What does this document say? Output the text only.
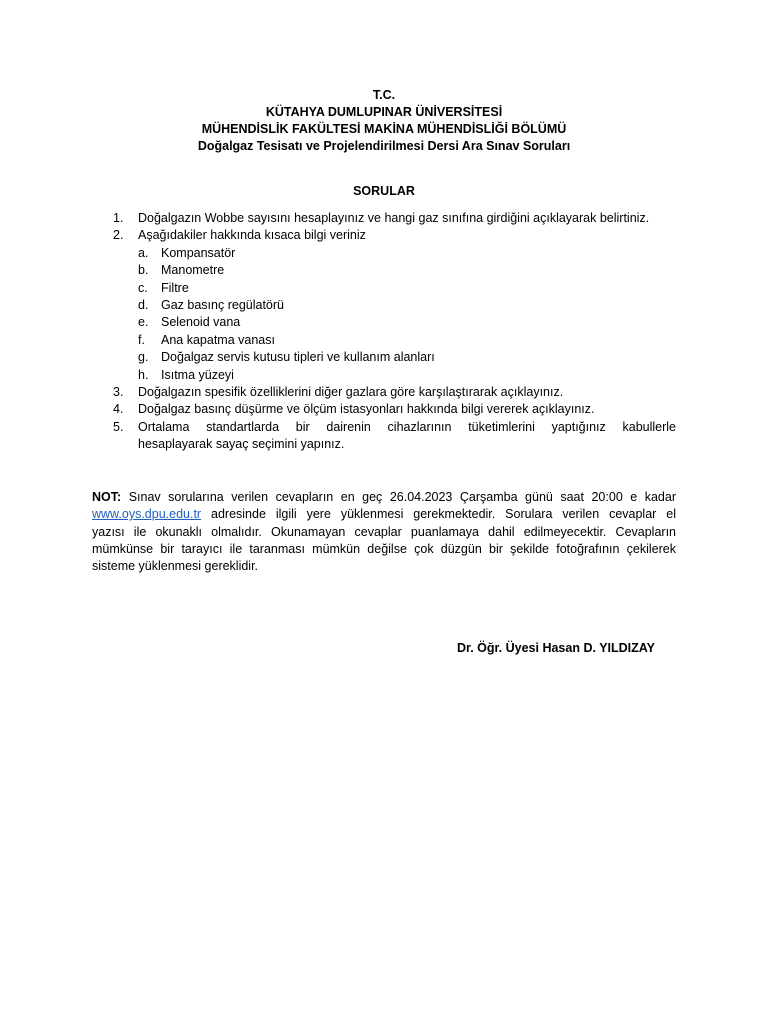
T.C.
KÜTAHYA DUMLUPINAR ÜNİVERSİTESİ
MÜHENDİSLİK FAKÜLTESİ MAKİNA MÜHENDİSLİĞİ BÖLÜMÜ
Doğalgaz Tesisatı ve Projelendirilmesi Dersi Ara Sınav Soruları
SORULAR
1. Doğalgazın Wobbe sayısını hesaplayınız ve hangi gaz sınıfına girdiğini açıklayarak belirtiniz.
2. Aşağıdakiler hakkında kısaca bilgi veriniz
a. Kompansatör
b. Manometre
c. Filtre
d. Gaz basınç regülatörü
e. Selenoid vana
f. Ana kapatma vanası
g. Doğalgaz servis kutusu tipleri ve kullanım alanları
h. Isıtma yüzeyi
3. Doğalgazın spesifik özelliklerini diğer gazlara göre karşılaştırarak açıklayınız.
4. Doğalgaz basınç düşürme ve ölçüm istasyonları hakkında bilgi vererek açıklayınız.
5. Ortalama standartlarda bir dairenin cihazlarının tüketimlerini yaptığınız kabullerle
hesaplayarak sayaç seçimini yapınız.
NOT: Sınav sorularına verilen cevapların en geç 26.04.2023 Çarşamba günü saat 20:00 e kadar
www.oys.dpu.edu.tr adresinde ilgili yere yüklenmesi gerekmektedir. Sorulara verilen cevaplar el
yazısı ile okunaklı olmalıdır. Okunamayan cevaplar puanlamaya dahil edilmeyecektir. Cevapların
mümkünse bir tarayıcı ile taranması mümkün değilse çok düzgün bir şekilde fotoğrafının çekilerek
sisteme yüklenmesi gereklidir.
Dr. Öğr. Üyesi Hasan D. YILDIZAY
